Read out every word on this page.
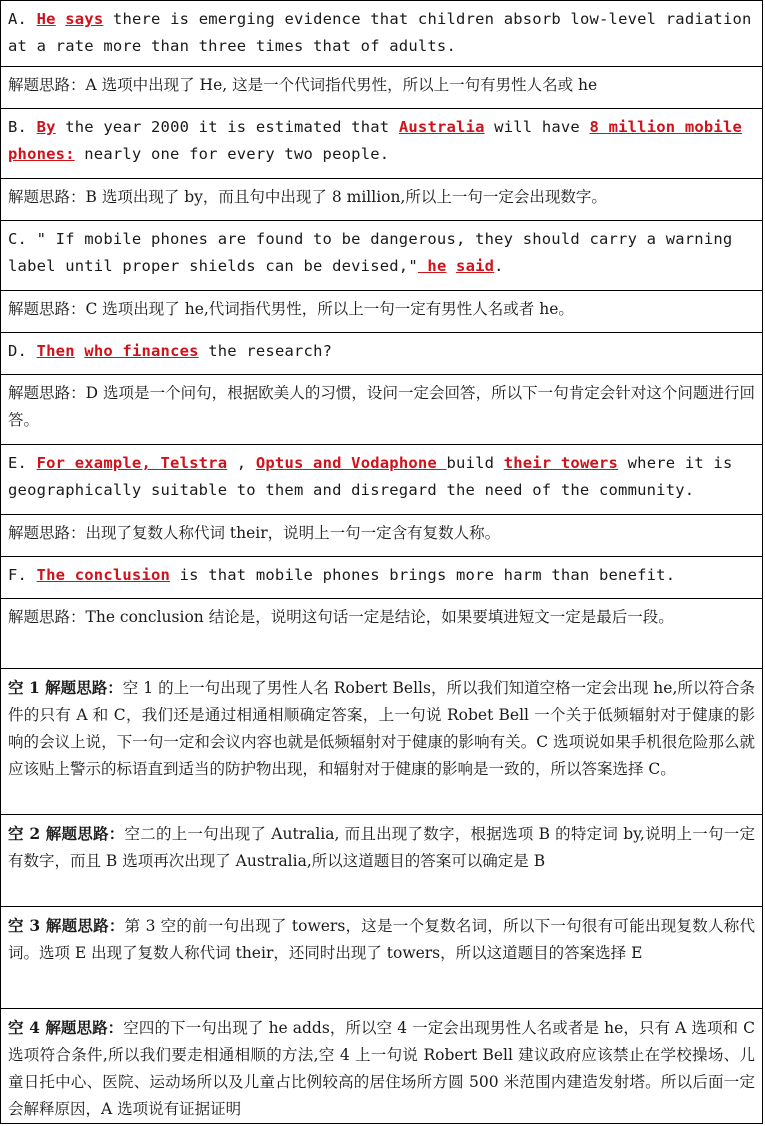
A. He says there is emerging evidence that children absorb low-level radiation at a rate more than three times that of adults.
解题思路：A 选项中出现了 He, 这是一个代词指代男性，所以上一句有男性人名或 he
B. By the year 2000 it is estimated that Australia will have 8 million mobile phones: nearly one for every two people.
解题思路：B 选项出现了 by，而且句中出现了 8 million,所以上一句一定会出现数字。
C. " If mobile phones are found to be dangerous, they should carry a warning label until proper shields can be devised," he said.
解题思路：C 选项出现了 he,代词指代男性，所以上一句一定有男性人名或者 he。
D. Then who finances the research?
解题思路：D 选项是一个问句，根据欧美人的习惯，设问一定会回答，所以下一句肯定会针对这个问题进行回答。
E. For example, Telstra , Optus and Vodaphone build their towers where it is geographically suitable to them and disregard the need of the community.
解题思路：出现了复数人称代词 their，说明上一句一定含有复数人称。
F. The conclusion is that mobile phones brings more harm than benefit.
解题思路：The conclusion 结论是，说明这句话一定是结论，如果要填进短文一定是最后一段。
空 1 解题思路：空 1 的上一句出现了男性人名 Robert Bells，所以我们知道空格一定会出现 he,所以符合条件的只有 A 和 C，我们还是通过相通相顺确定答案，上一句说 Robet Bell 一个关于低频辐射对于健康的影响的会议上说，下一句一定和会议内容也就是低频辐射对于健康的影响有关。C 选项说如果手机很危险那么就应该贴上警示的标语直到适当的防护物出现，和辐射对于健康的影响是一致的，所以答案选择 C。
空 2 解题思路：空二的上一句出现了 Autralia, 而且出现了数字，根据选项 B 的特定词 by,说明上一句一定有数字，而且 B 选项再次出现了 Australia,所以这道题目的答案可以确定是 B
空 3 解题思路：第 3 空的前一句出现了 towers，这是一个复数名词，所以下一句很有可能出现复数人称代词。选项 E 出现了复数人称代词 their，还同时出现了 towers，所以这道题目的答案选择 E
空 4 解题思路：空四的下一句出现了 he adds，所以空 4 一定会出现男性人名或者是 he，只有 A 选项和 C 选项符合条件,所以我们要走相通相顺的方法,空 4 上一句说 Robert Bell 建议政府应该禁止在学校操场、儿童日托中心、医院、运动场所以及儿童占比例较高的居住场所方圆 500 米范围内建造发射塔。所以后面一定会解释原因，A 选项说有证据证明
